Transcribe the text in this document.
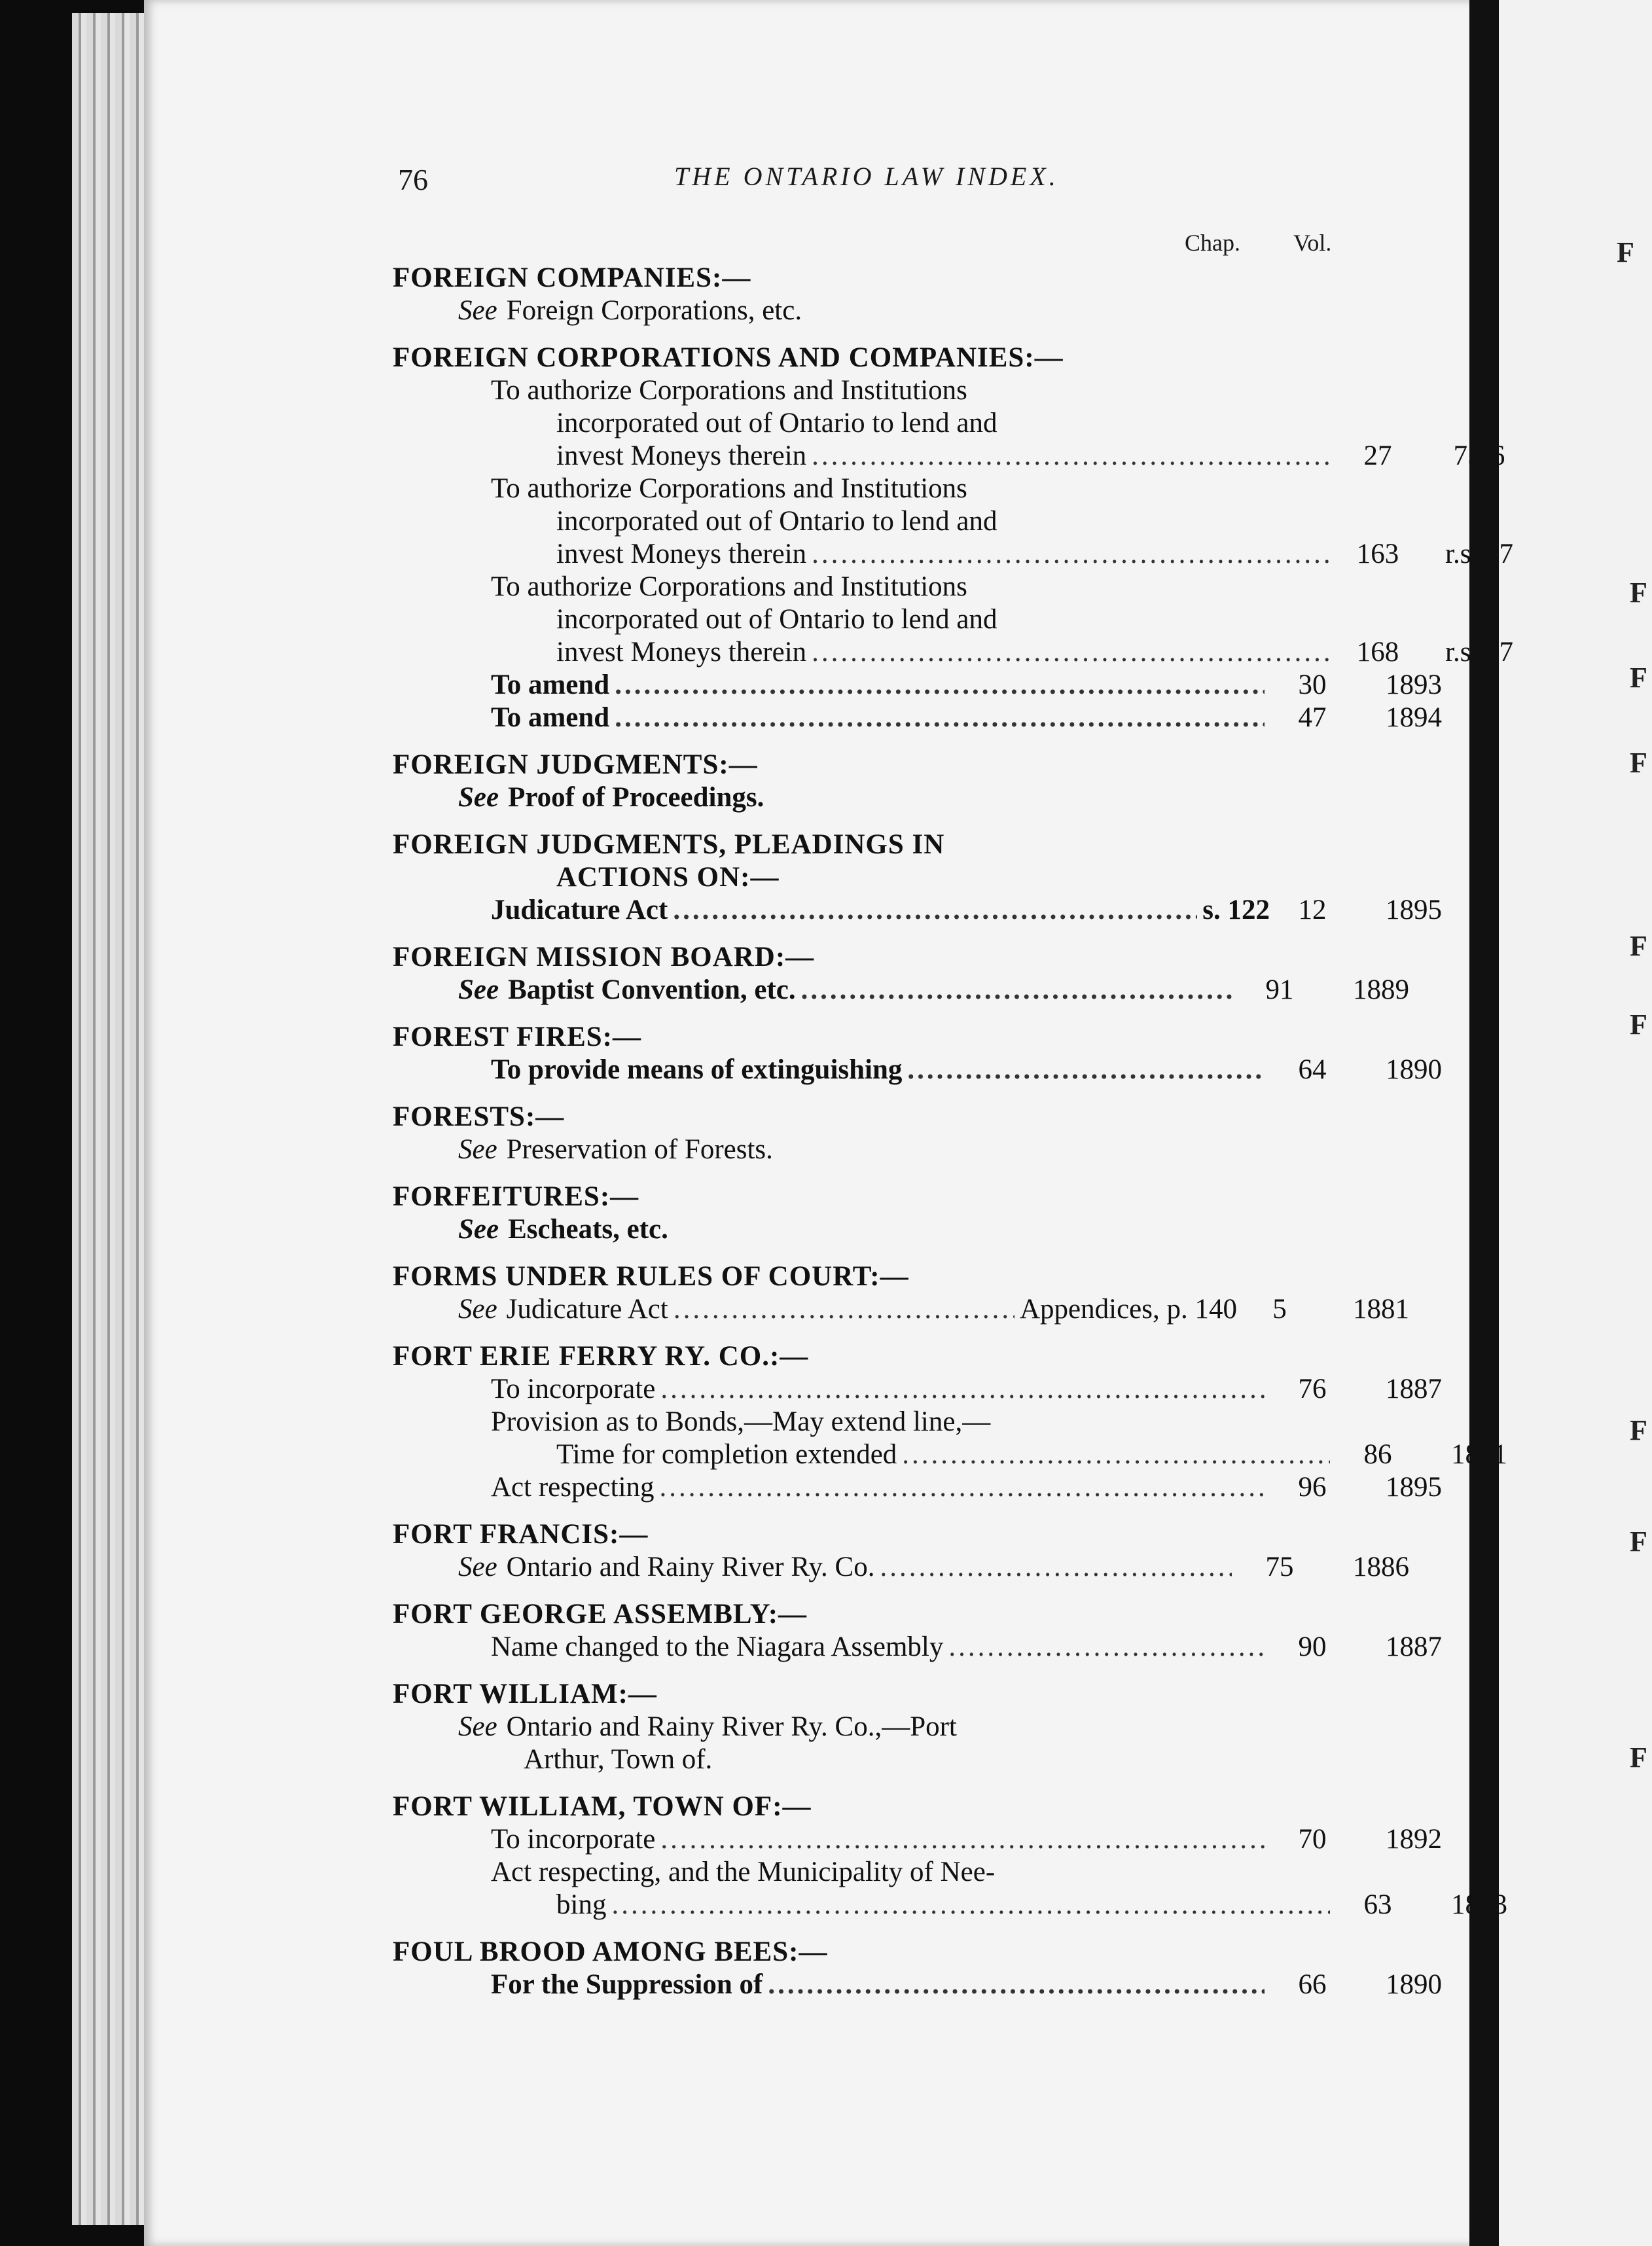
F
F
F
F
F
F
F
F
F
76	THE ONTARIO LAW INDEX.
Chap. Vol.
FOREIGN COMPANIES:—
See Foreign Corporations, etc.
FOREIGN CORPORATIONS AND COMPANIES:—
To authorize Corporations and Institutions
incorporated out of Ontario to lend and
invest Moneys therein .....	27	75-6
To authorize Corporations and Institutions
incorporated out of Ontario to lend and
invest Moneys therein .....	163	r.s. 77
To authorize Corporations and Institutions
incorporated out of Ontario to lend and
invest Moneys therein .....	168	r.s. 87
To amend .....	30	1893
To amend .....	47	1894
FOREIGN JUDGMENTS:—
See Proof of Proceedings.
FOREIGN JUDGMENTS, PLEADINGS IN
ACTIONS ON:—
Judicature Act .....	s. 122	12	1895
FOREIGN MISSION BOARD:—
See Baptist Convention, etc. .....	91	1889
FOREST FIRES:—
To provide means of extinguishing .....	64	1890
FORESTS:—
See Preservation of Forests.
FORFEITURES:—
See Escheats, etc.
FORMS UNDER RULES OF COURT:—
See Judicature Act .....	Appendices, p. 140	5	1881
FORT ERIE FERRY RY. CO.:—
To incorporate .....	76	1887
Provision as to Bonds,—May extend line,—
Time for completion extended .....	86	1891
Act respecting .....	96	1895
FORT FRANCIS:—
See Ontario and Rainy River Ry. Co. .....	75	1886
FORT GEORGE ASSEMBLY:—
Name changed to the Niagara Assembly .....	90	1887
FORT WILLIAM:—
See Ontario and Rainy River Ry. Co.,—Port
Arthur, Town of.
FORT WILLIAM, TOWN OF:—
To incorporate .....	70	1892
Act respecting, and the Municipality of Nee-
bing .....	63	1893
FOUL BROOD AMONG BEES:—
For the Suppression of .....	66	1890
